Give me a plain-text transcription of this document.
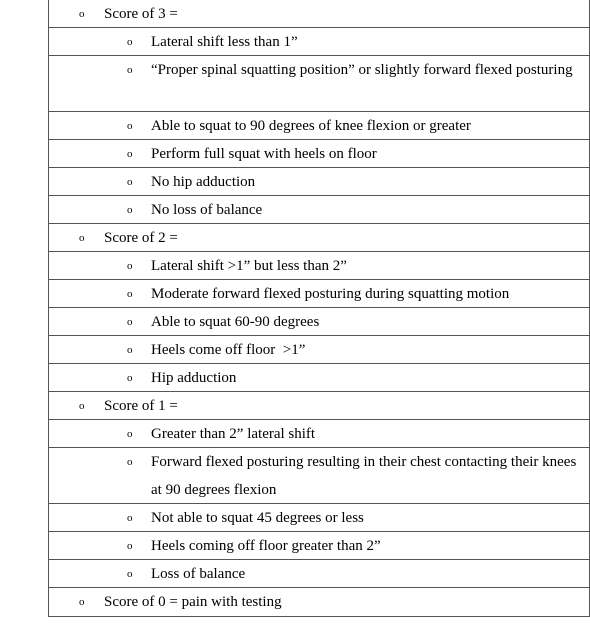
o Score of 3 =
o Lateral shift less than 1”
o “Proper spinal squatting position” or slightly forward flexed posturing
o Able to squat to 90 degrees of knee flexion or greater
o Perform full squat with heels on floor
o No hip adduction
o No loss of balance
o Score of 2 =
o Lateral shift >1” but less than 2”
o Moderate forward flexed posturing during squatting motion
o Able to squat 60-90 degrees
o Heels come off floor  >1”
o Hip adduction
o Score of 1 =
o Greater than 2” lateral shift
o Forward flexed posturing resulting in their chest contacting their knees at 90 degrees flexion
o Not able to squat 45 degrees or less
o Heels coming off floor greater than 2”
o Loss of balance
o Score of 0 = pain with testing
